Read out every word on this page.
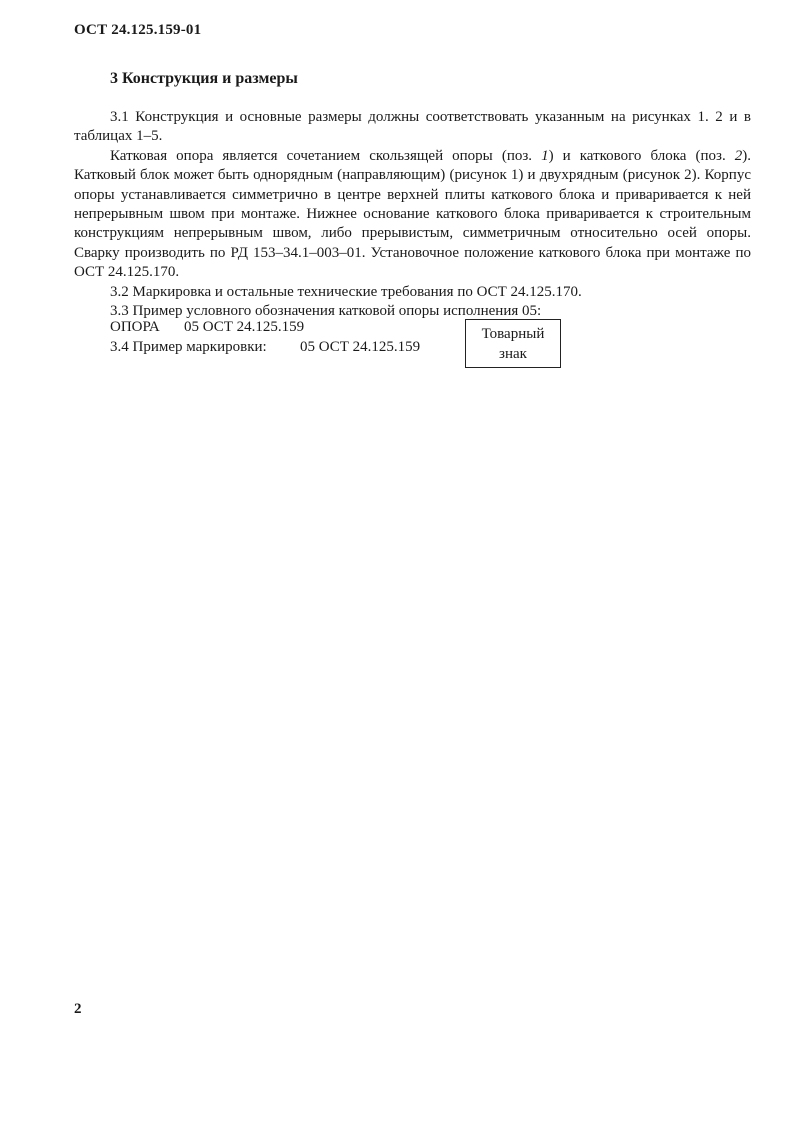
ОСТ 24.125.159-01
3 Конструкция и размеры

3.1 Конструкция и основные размеры должны соответствовать указанным на рисунках 1. 2 и в таблицах 1–5.

Катковая опора является сочетанием скользящей опоры (поз. 1) и каткового блока (поз. 2). Катковый блок может быть однорядным (направляющим) (рисунок 1) и двухрядным (рисунок 2). Корпус опоры устанавливается симметрично в центре верхней плиты каткового блока и приваривается к ней непрерывным швом при монтаже. Нижнее основание каткового блока приваривается к строительным конструкциям непрерывным швом, либо прерывистым, симметричным относительно осей опоры. Сварку производить по РД 153–34.1–003–01. Установочное положение каткового блока при монтаже по ОСТ 24.125.170.

3.2 Маркировка и остальные технические требования по ОСТ 24.125.170.

3.3 Пример условного обозначения катковой опоры исполнения 05:

ОПОРА 05 ОСТ 24.125.159
3.4 Пример маркировки: 05 ОСТ 24.125.159
Товарный
знак
2
